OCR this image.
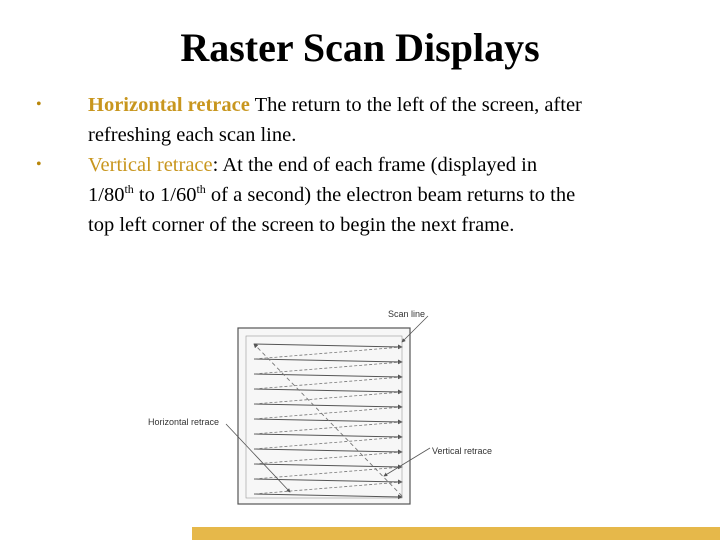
Raster Scan Displays
• Horizontal retrace The return to the left of the screen, after
refreshing each scan line.
• Vertical retrace: At the end of each frame (displayed in
1/80th to 1/60th of a second) the electron beam returns to the
top left corner of the screen to begin the next frame.
Scan line
Horizontal retrace
Vertical retrace
